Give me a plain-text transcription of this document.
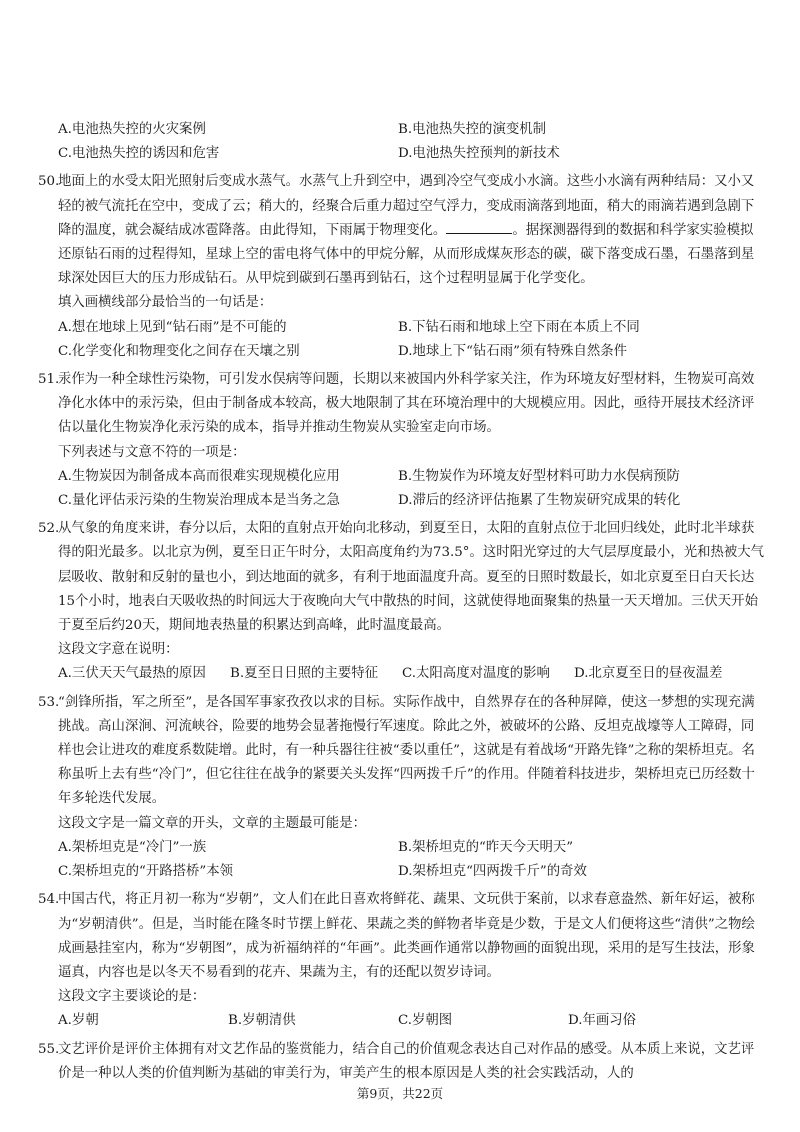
A.电池热失控的火灾案例	B.电池热失控的演变机制
C.电池热失控的诱因和危害	D.电池热失控预判的新技术
50.地面上的水受太阳光照射后变成水蒸气。水蒸气上升到空中，遇到冷空气变成小水滴。这些小水滴有两种结局：又小又轻的被气流托在空中，变成了云；稍大的，经聚合后重力超过空气浮力，变成雨滴落到地面，稍大的雨滴若遇到急剧下降的温度，就会凝结成冰雹降落。由此得知，下雨属于物理变化。	。据探测器得到的数据和科学家实验模拟还原钻石雨的过程得知，星球上空的雷电将气体中的甲烷分解，从而形成煤灰形态的碳，碳下落变成石墨，石墨落到星球深处因巨大的压力形成钻石。从甲烷到碳到石墨再到钻石，这个过程明显属于化学变化。
填入画横线部分最恰当的一句话是：
A.想在地球上见到“钻石雨”是不可能的	B.下钻石雨和地球上空下雨在本质上不同
C.化学变化和物理变化之间存在天壤之别	D.地球上下“钻石雨”须有特殊自然条件
51.汞作为一种全球性污染物，可引发水俣病等问题，长期以来被国内外科学家关注，作为环境友好型材料，生物炭可高效净化水体中的汞污染，但由于制备成本较高，极大地限制了其在环境治理中的大规模应用。因此，亟待开展技术经济评估以量化生物炭净化汞污染的成本，指导并推动生物炭从实验室走向市场。
下列表述与文意不符的一项是：
A.生物炭因为制备成本高而很难实现规模化应用	B.生物炭作为环境友好型材料可助力水俣病预防
C.量化评估汞污染的生物炭治理成本是当务之急	D.滞后的经济评估拖累了生物炭研究成果的转化
52.从气象的角度来讲，春分以后，太阳的直射点开始向北移动，到夏至日，太阳的直射点位于北回归线处，此时北半球获得的阳光最多。以北京为例，夏至日正午时分，太阳高度角约为73.5°。这时阳光穿过的大气层厚度最小，光和热被大气层吸收、散射和反射的量也小，到达地面的就多，有利于地面温度升高。夏至的日照时数最长，如北京夏至日白天长达15个小时，地表白天吸收热的时间远大于夜晚向大气中散热的时间，这就使得地面聚集的热量一天天增加。三伏天开始于夏至后约20天，期间地表热量的积累达到高峰，此时温度最高。
这段文字意在说明：
A.三伏天天气最热的原因	B.夏至日日照的主要特征	C.太阳高度对温度的影响	D.北京夏至日的昼夜温差
53.“剑锋所指，军之所至”，是各国军事家孜孜以求的目标。实际作战中，自然界存在的各种屏障，使这一梦想的实现充满挑战。高山深涧、河流峡谷，险要的地势会显著拖慢行军速度。除此之外，被破坏的公路、反坦克战壕等人工障碍，同样也会让进攻的难度系数陡增。此时，有一种兵器往往被“委以重任”，这就是有着战场“开路先锋”之称的架桥坦克。名称虽听上去有些“冷门”，但它往往在战争的紧要关头发挥“四两拨千斤”的作用。伴随着科技进步，架桥坦克已历经数十年多轮迭代发展。
这段文字是一篇文章的开头，文章的主题最可能是：
A.架桥坦克是“冷门”一族	B.架桥坦克的“昨天今天明天”
C.架桥坦克的“开路搭桥”本领	D.架桥坦克“四两拨千斤”的奇效
54.中国古代，将正月初一称为“岁朝”，文人们在此日喜欢将鲜花、蔬果、文玩供于案前，以求春意盎然、新年好运，被称为“岁朝清供”。但是，当时能在隆冬时节摆上鲜花、果蔬之类的鲜物者毕竟是少数，于是文人们便将这些“清供”之物绘成画悬挂室内，称为“岁朝图”，成为祈福纳祥的“年画”。此类画作通常以静物画的面貌出现，采用的是写生技法，形象逼真，内容也是以冬天不易看到的花卉、果蔬为主，有的还配以贺岁诗词。
这段文字主要谈论的是：
A.岁朝	B.岁朝清供	C.岁朝图	D.年画习俗
55.文艺评价是评价主体拥有对文艺作品的鉴赏能力，结合自己的价值观念表达自己对作品的感受。从本质上来说，文艺评价是一种以人类的价值判断为基础的审美行为，审美产生的根本原因是人类的社会实践活动，人的
第9页，共22页
